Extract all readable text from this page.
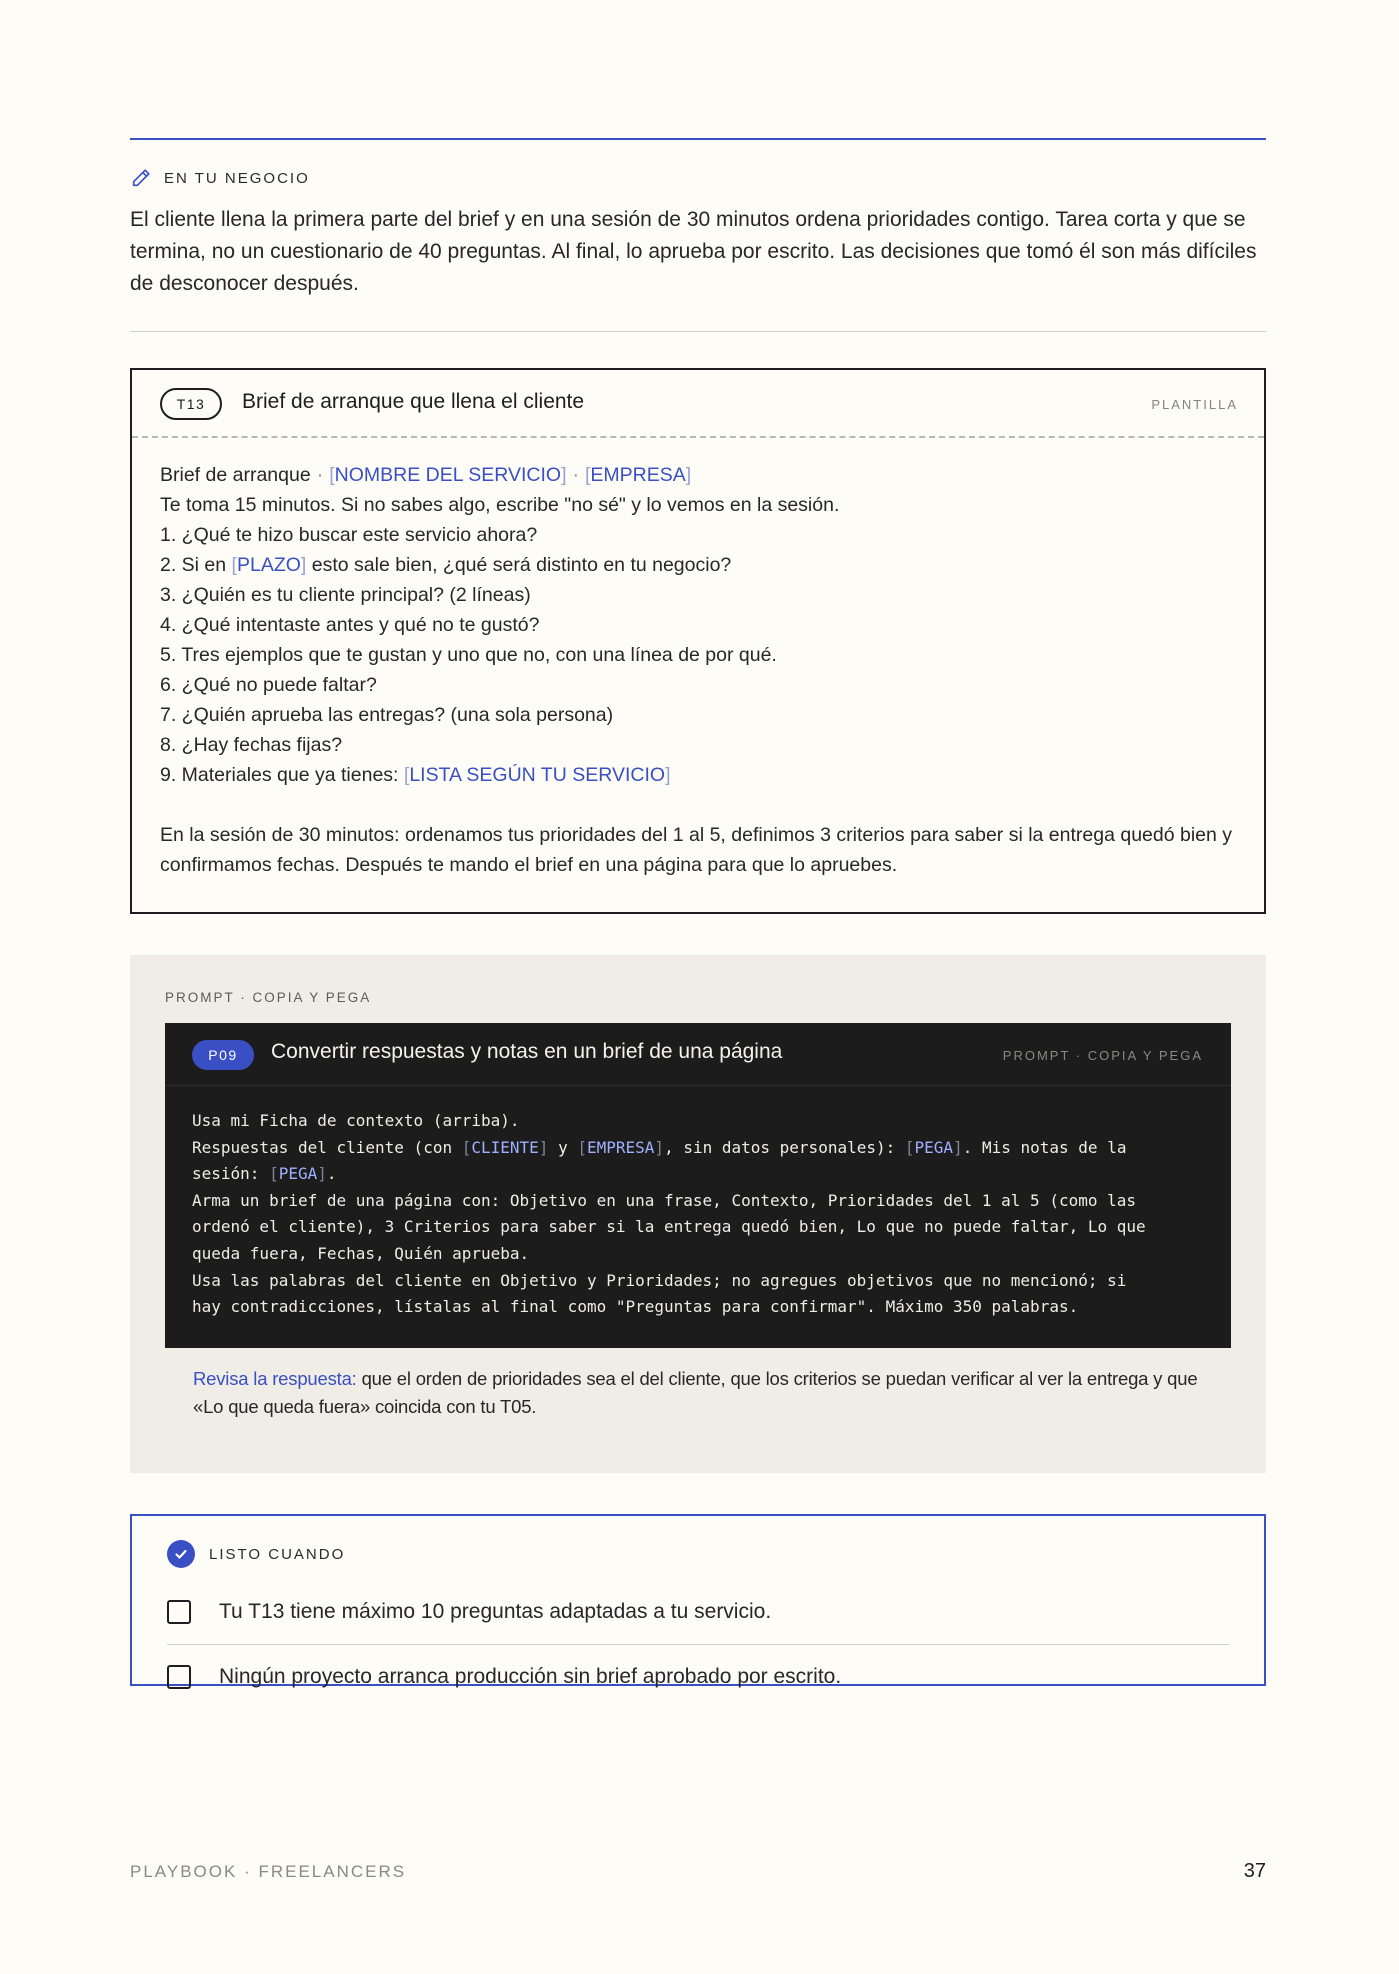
EN TU NEGOCIO

El cliente llena la primera parte del brief y en una sesión de 30 minutos ordena prioridades contigo. Tarea corta y que se termina, no un cuestionario de 40 preguntas. Al final, lo aprueba por escrito. Las decisiones que tomó él son más difíciles de desconocer después.

T13	Brief de arranque que llena el cliente	PLANTILLA
Brief de arranque · [NOMBRE DEL SERVICIO] · [EMPRESA]
Te toma 15 minutos. Si no sabes algo, escribe "no sé" y lo vemos en la sesión.
1. ¿Qué te hizo buscar este servicio ahora?
2. Si en [PLAZO] esto sale bien, ¿qué será distinto en tu negocio?
3. ¿Quién es tu cliente principal? (2 líneas)
4. ¿Qué intentaste antes y qué no te gustó?
5. Tres ejemplos que te gustan y uno que no, con una línea de por qué.
6. ¿Qué no puede faltar?
7. ¿Quién aprueba las entregas? (una sola persona)
8. ¿Hay fechas fijas?
9. Materiales que ya tienes: [LISTA SEGÚN TU SERVICIO]
En la sesión de 30 minutos: ordenamos tus prioridades del 1 al 5, definimos 3 criterios para saber si la entrega quedó bien y confirmamos fechas. Después te mando el brief en una página para que lo apruebes.
PROMPT · COPIA Y PEGA
P09	Convertir respuestas y notas en un brief de una página	PROMPT · COPIA Y PEGA
Usa mi Ficha de contexto (arriba).
Respuestas del cliente (con [CLIENTE] y [EMPRESA], sin datos personales): [PEGA]. Mis notas de la
sesión: [PEGA].
Arma un brief de una página con: Objetivo en una frase, Contexto, Prioridades del 1 al 5 (como las
ordenó el cliente), 3 Criterios para saber si la entrega quedó bien, Lo que no puede faltar, Lo que
queda fuera, Fechas, Quién aprueba.
Usa las palabras del cliente en Objetivo y Prioridades; no agregues objetivos que no mencionó; si
hay contradicciones, lístalas al final como "Preguntas para confirmar". Máximo 350 palabras.
Revisa la respuesta: que el orden de prioridades sea el del cliente, que los criterios se puedan verificar al ver la entrega y que «Lo que queda fuera» coincida con tu T05.
LISTO CUANDO
Tu T13 tiene máximo 10 preguntas adaptadas a tu servicio.
Ningún proyecto arranca producción sin brief aprobado por escrito.
PLAYBOOK · FREELANCERS	37
